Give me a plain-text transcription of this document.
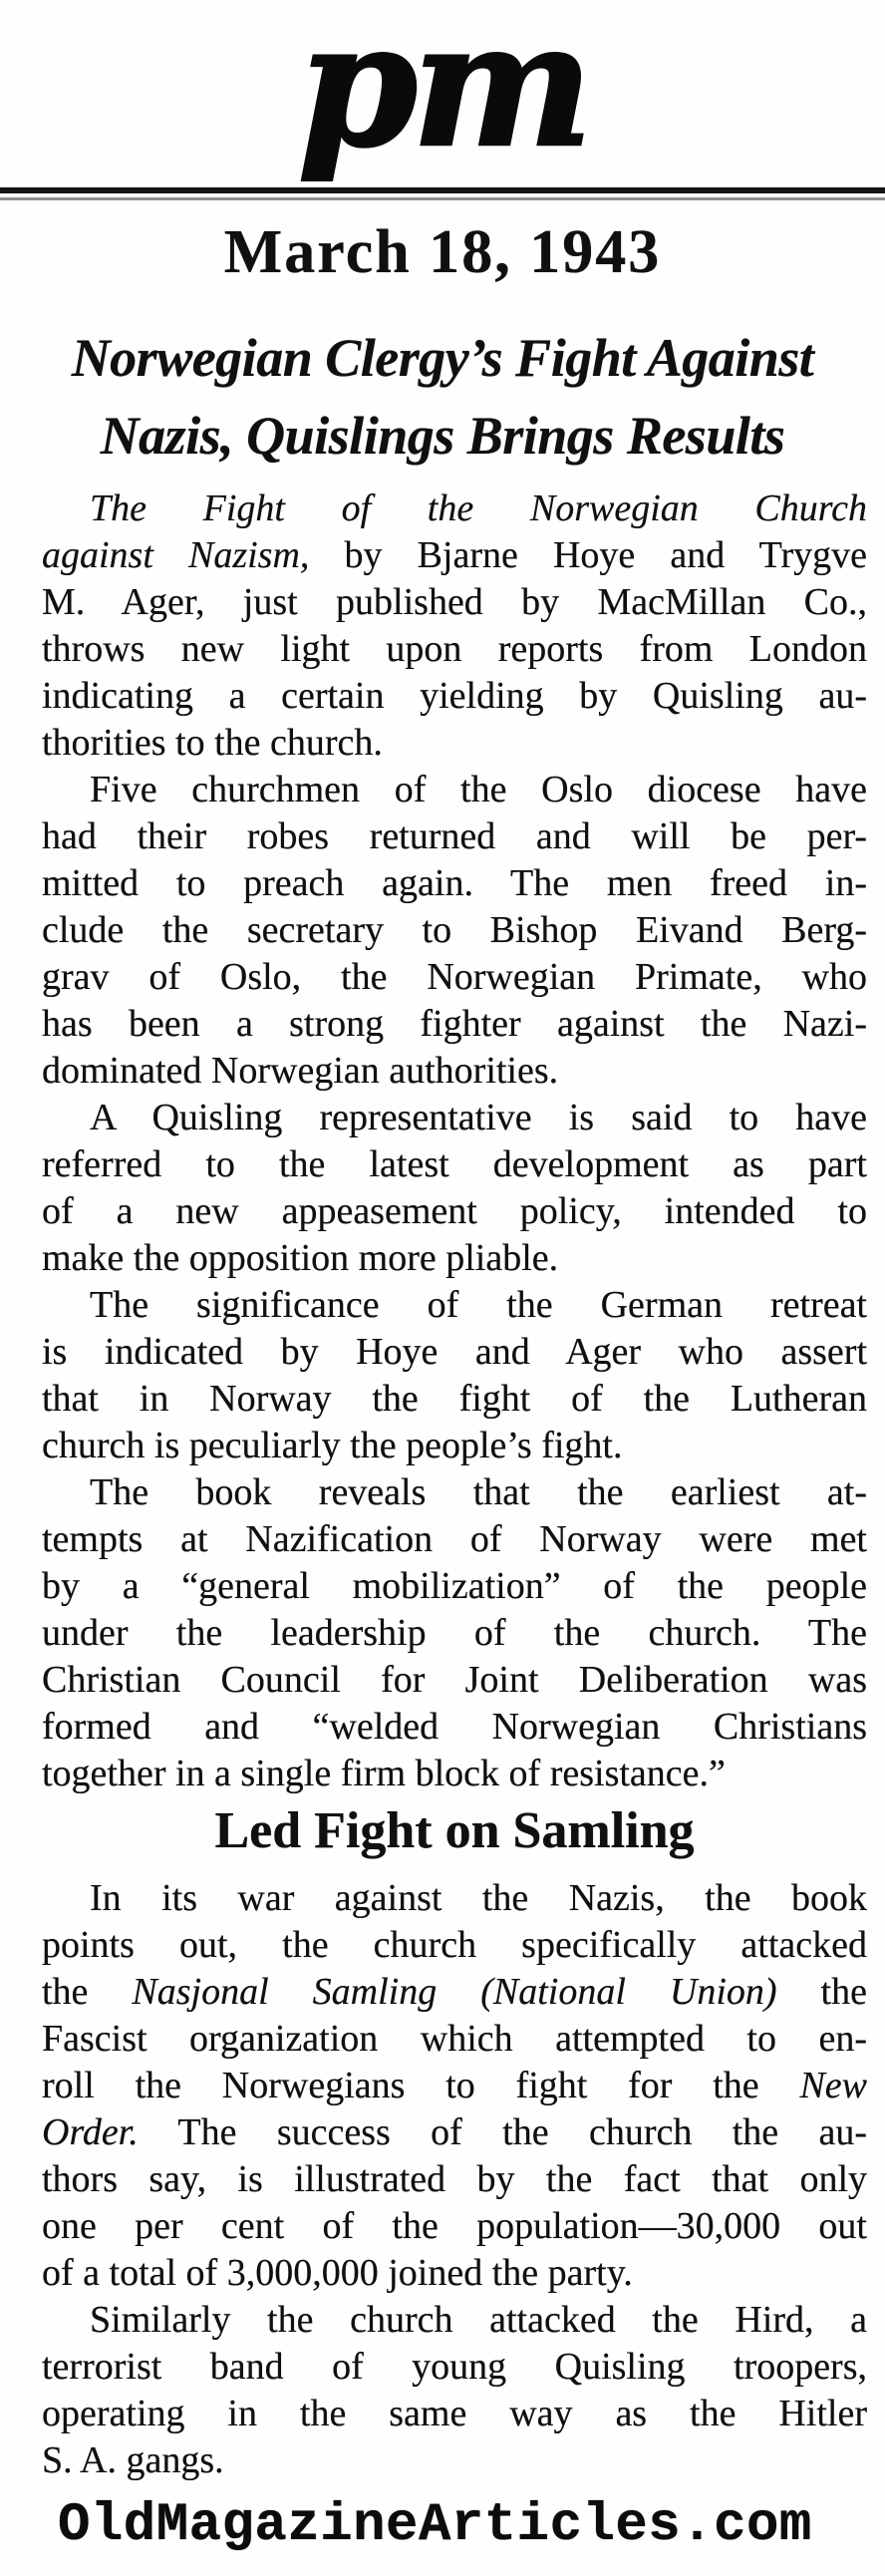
pm
March 18, 1943
Norwegian Clergy’s Fight Against
Nazis, Quislings Brings Results
The Fight of the Norwegian Church
against Nazism, by Bjarne Hoye and Trygve
M. Ager, just published by MacMillan Co.,
throws new light upon reports from London
indicating a certain yielding by Quisling au-
thorities to the church.
Five churchmen of the Oslo diocese have
had their robes returned and will be per-
mitted to preach again. The men freed in-
clude the secretary to Bishop Eivand Berg-
grav of Oslo, the Norwegian Primate, who
has been a strong fighter against the Nazi-
dominated Norwegian authorities.
A Quisling representative is said to have
referred to the latest development as part
of a new appeasement policy, intended to
make the opposition more pliable.
The significance of the German retreat
is indicated by Hoye and Ager who assert
that in Norway the fight of the Lutheran
church is peculiarly the people’s fight.
The book reveals that the earliest at-
tempts at Nazification of Norway were met
by a “general mobilization” of the people
under the leadership of the church. The
Christian Council for Joint Deliberation was
formed and “welded Norwegian Christians
together in a single firm block of resistance.”
Led Fight on Samling
In its war against the Nazis, the book
points out, the church specifically attacked
the Nasjonal Samling (National Union) the
Fascist organization which attempted to en-
roll the Norwegians to fight for the New
Order. The success of the church the au-
thors say, is illustrated by the fact that only
one per cent of the population—30,000 out
of a total of 3,000,000 joined the party.
Similarly the church attacked the Hird, a
terrorist band of young Quisling troopers,
operating in the same way as the Hitler
S. A. gangs.
OldMagazineArticles.com
